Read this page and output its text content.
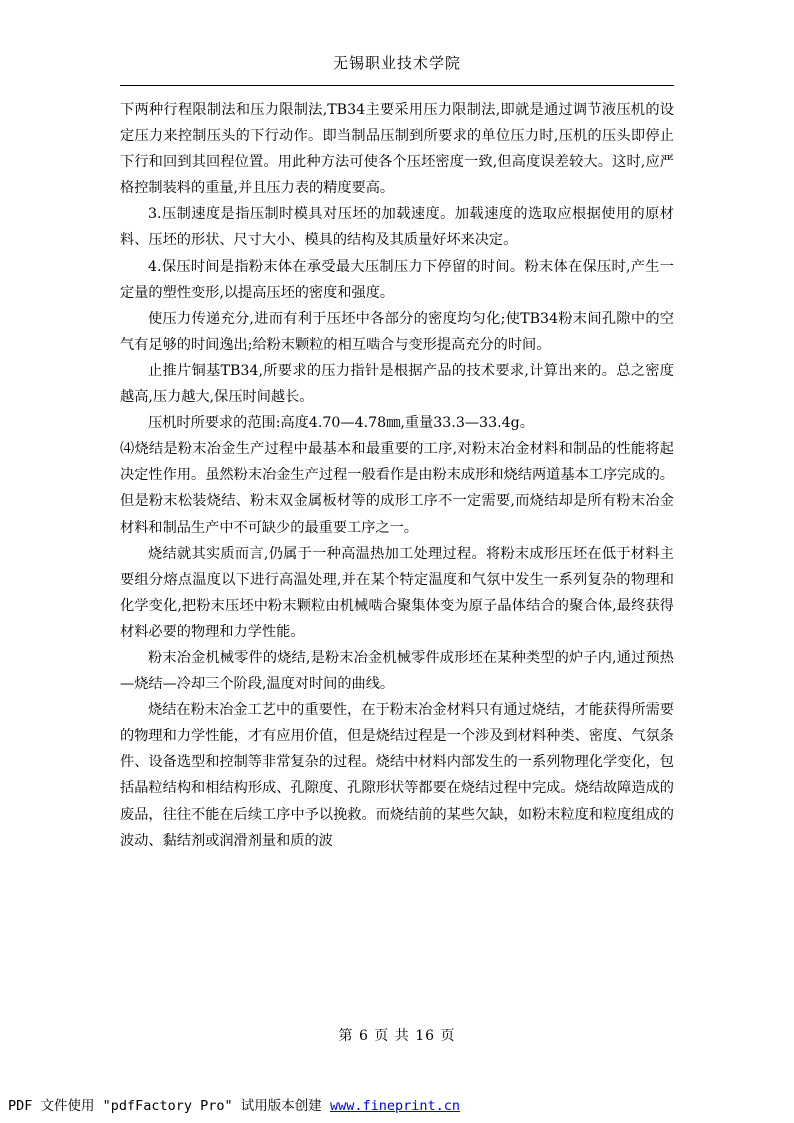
无锡职业技术学院

下两种行程限制法和压力限制法,TB34主要采用压力限制法,即就是通过调节液压机的设定压力来控制压头的下行动作。即当制品压制到所要求的单位压力时,压机的压头即停止下行和回到其回程位置。用此种方法可使各个压坯密度一致,但高度误差较大。这时,应严格控制装料的重量,并且压力表的精度要高。

3.压制速度是指压制时模具对压坯的加载速度。加载速度的选取应根据使用的原材料、压坯的形状、尺寸大小、模具的结构及其质量好坏来决定。

4.保压时间是指粉末体在承受最大压制压力下停留的时间。粉末体在保压时,产生一定量的塑性变形,以提高压坯的密度和强度。

使压力传递充分,进而有利于压坯中各部分的密度均匀化;使TB34粉末间孔隙中的空气有足够的时间逸出;给粉末颗粒的相互啮合与变形提高充分的时间。

止推片铜基TB34,所要求的压力指针是根据产品的技术要求,计算出来的。总之密度越高,压力越大,保压时间越长。

压机时所要求的范围:高度4.70—4.78㎜,重量33.3—33.4g。

⑷烧结是粉末冶金生产过程中最基本和最重要的工序,对粉末冶金材料和制品的性能将起决定性作用。虽然粉末冶金生产过程一般看作是由粉末成形和烧结两道基本工序完成的。但是粉末松装烧结、粉末双金属板材等的成形工序不一定需要,而烧结却是所有粉末冶金材料和制品生产中不可缺少的最重要工序之一。

烧结就其实质而言,仍属于一种高温热加工处理过程。将粉末成形压坯在低于材料主要组分熔点温度以下进行高温处理,并在某个特定温度和气氛中发生一系列复杂的物理和化学变化,把粉末压坯中粉末颗粒由机械啮合聚集体变为原子晶体结合的聚合体,最终获得材料必要的物理和力学性能。

粉末冶金机械零件的烧结,是粉末冶金机械零件成形坯在某种类型的炉子内,通过预热—烧结—冷却三个阶段,温度对时间的曲线。

烧结在粉末冶金工艺中的重要性，在于粉末冶金材料只有通过烧结，才能获得所需要的物理和力学性能，才有应用价值，但是烧结过程是一个涉及到材料种类、密度、气氛条件、设备选型和控制等非常复杂的过程。烧结中材料内部发生的一系列物理化学变化，包括晶粒结构和相结构形成、孔隙度、孔隙形状等都要在烧结过程中完成。烧结故障造成的废品，往往不能在后续工序中予以挽救。而烧结前的某些欠缺，如粉末粒度和粒度组成的波动、黏结剂或润滑剂量和质的波

第 6 页 共 16 页
PDF 文件使用 "pdfFactory Pro" 试用版本创建 www.fineprint.cn
